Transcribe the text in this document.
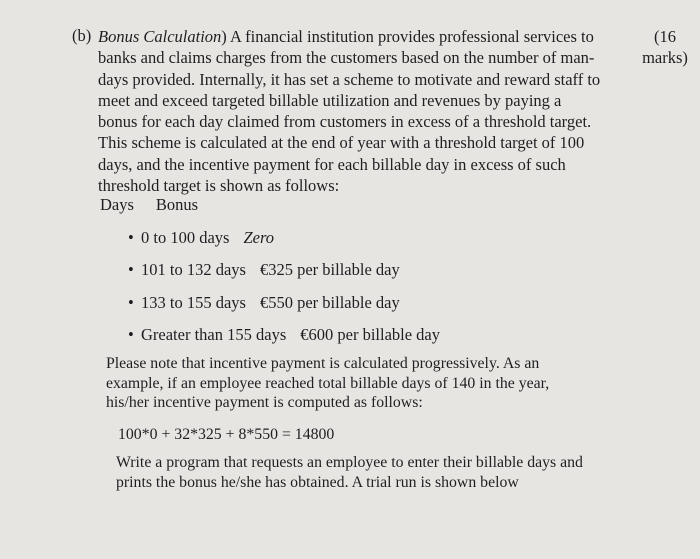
(b) Bonus Calculation) A financial institution provides professional services to
banks and claims charges from the customers based on the number of man-
days provided. Internally, it has set a scheme to motivate and reward staff to
meet and exceed targeted billable utilization and revenues by paying a
bonus for each day claimed from customers in excess of a threshold target.
This scheme is calculated at the end of year with a threshold target of 100
days, and the incentive payment for each billable day in excess of such
threshold target is shown as follows:
(16
marks)
Days Bonus
• 0 to 100 days Zero
• 101 to 132 days €325 per billable day
• 133 to 155 days €550 per billable day
• Greater than 155 days €600 per billable day
Please note that incentive payment is calculated progressively. As an
example, if an employee reached total billable days of 140 in the year,
his/her incentive payment is computed as follows:
100*0 + 32*325 + 8*550 = 14800
Write a program that requests an employee to enter their billable days and
prints the bonus he/she has obtained. A trial run is shown below
